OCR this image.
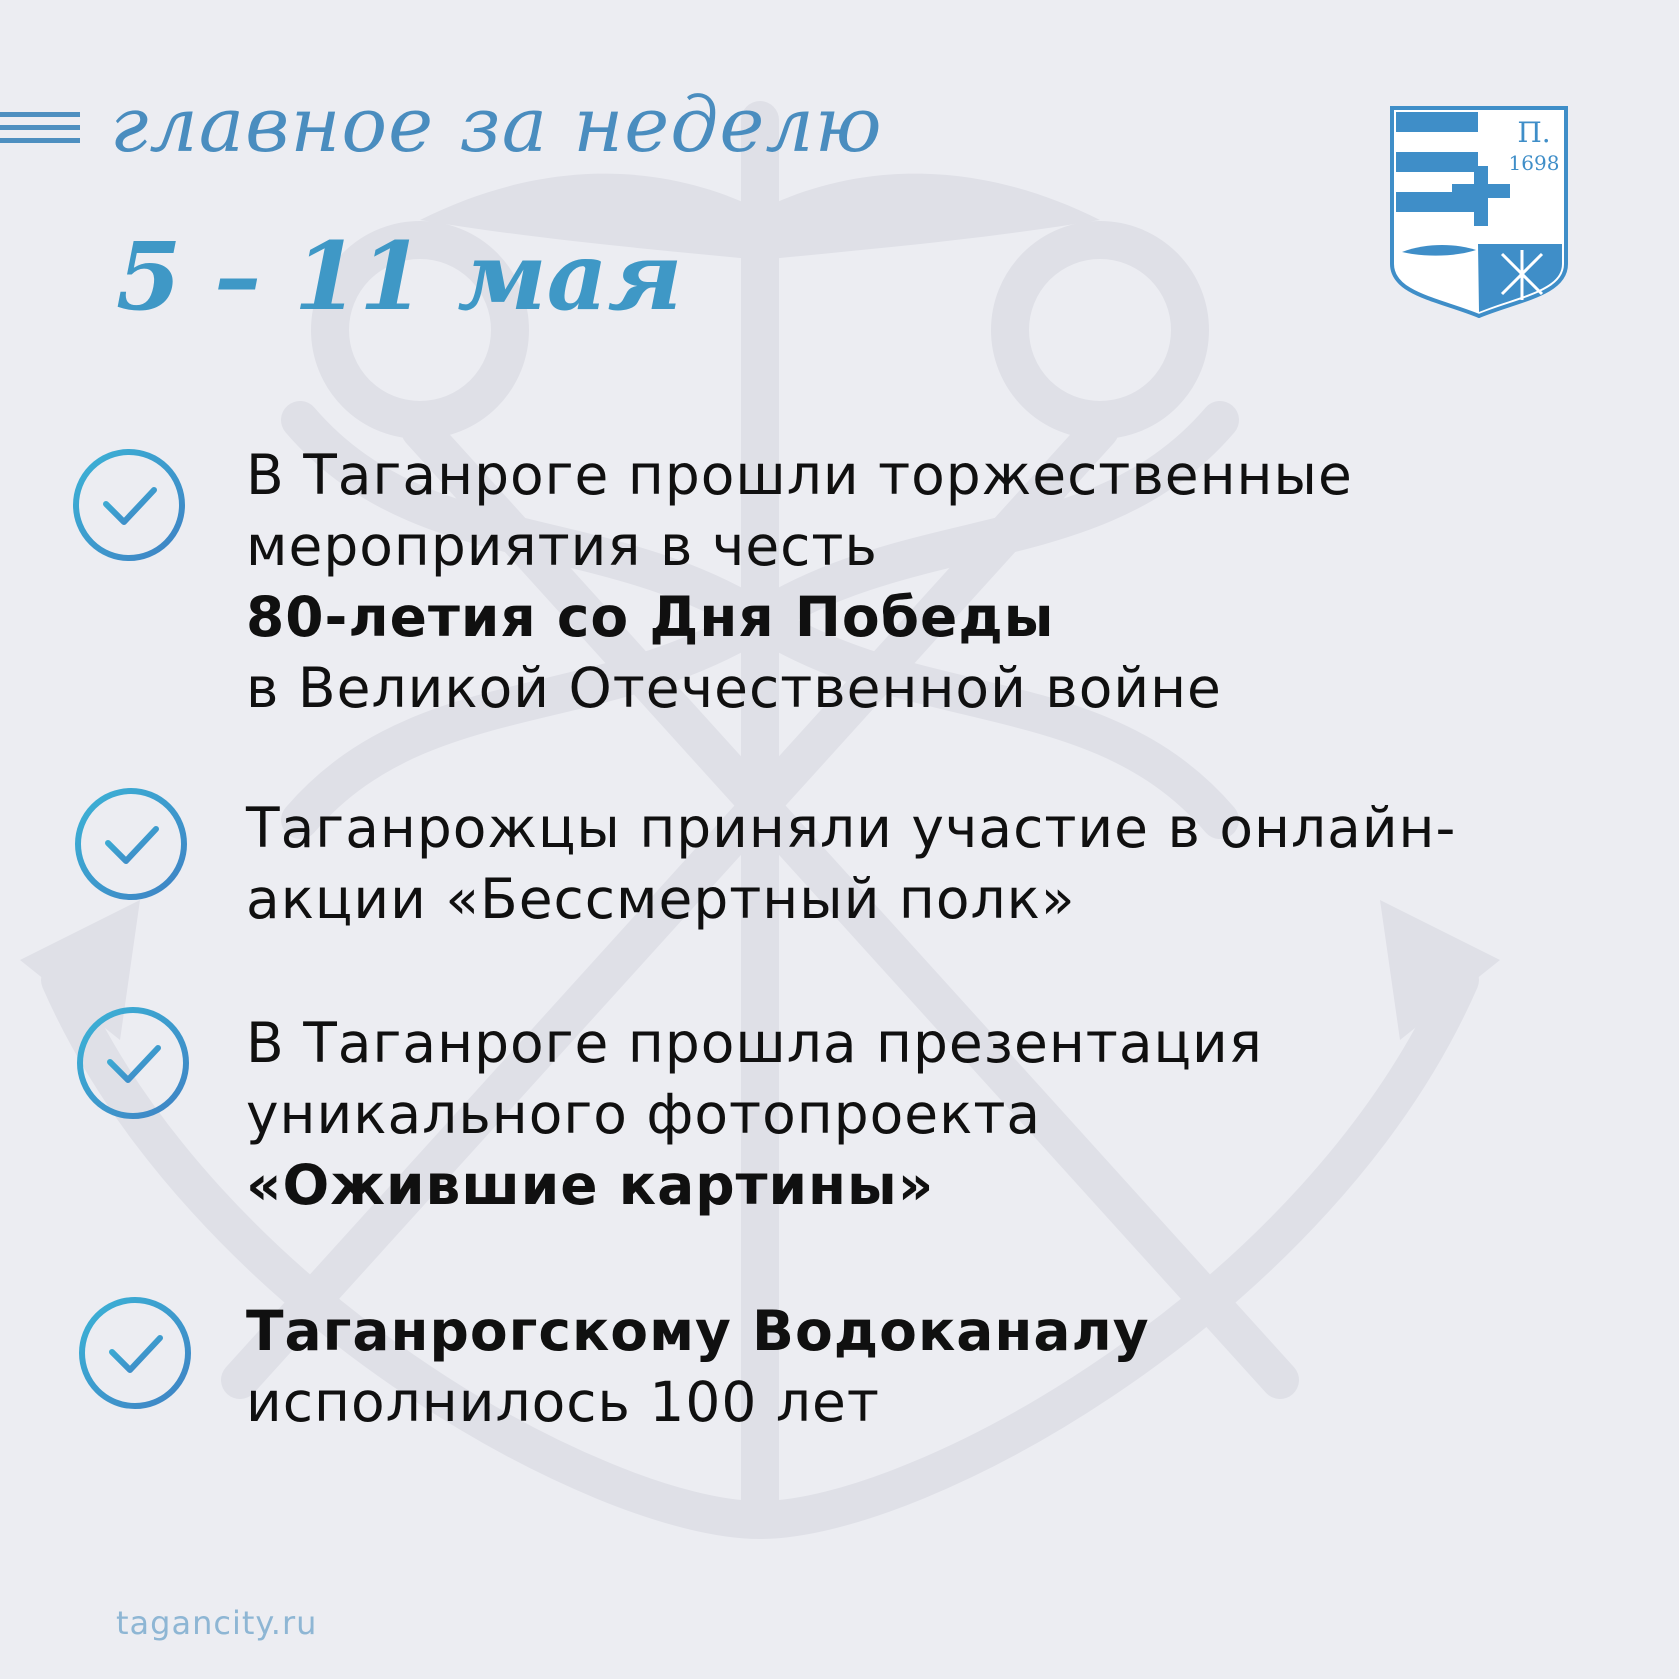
главное за неделю
5 – 11 мая
П.
1698
В Таганроге прошли торжественные
мероприятия в честь
80-летия со Дня Победы
в Великой Отечественной войне
Таганрожцы приняли участие в онлайн-
акции «Бессмертный полк»
В Таганроге прошла презентация
уникального фотопроекта
«Ожившие картины»
Таганрогскому Водоканалу
исполнилось 100 лет
tagancity.ru
